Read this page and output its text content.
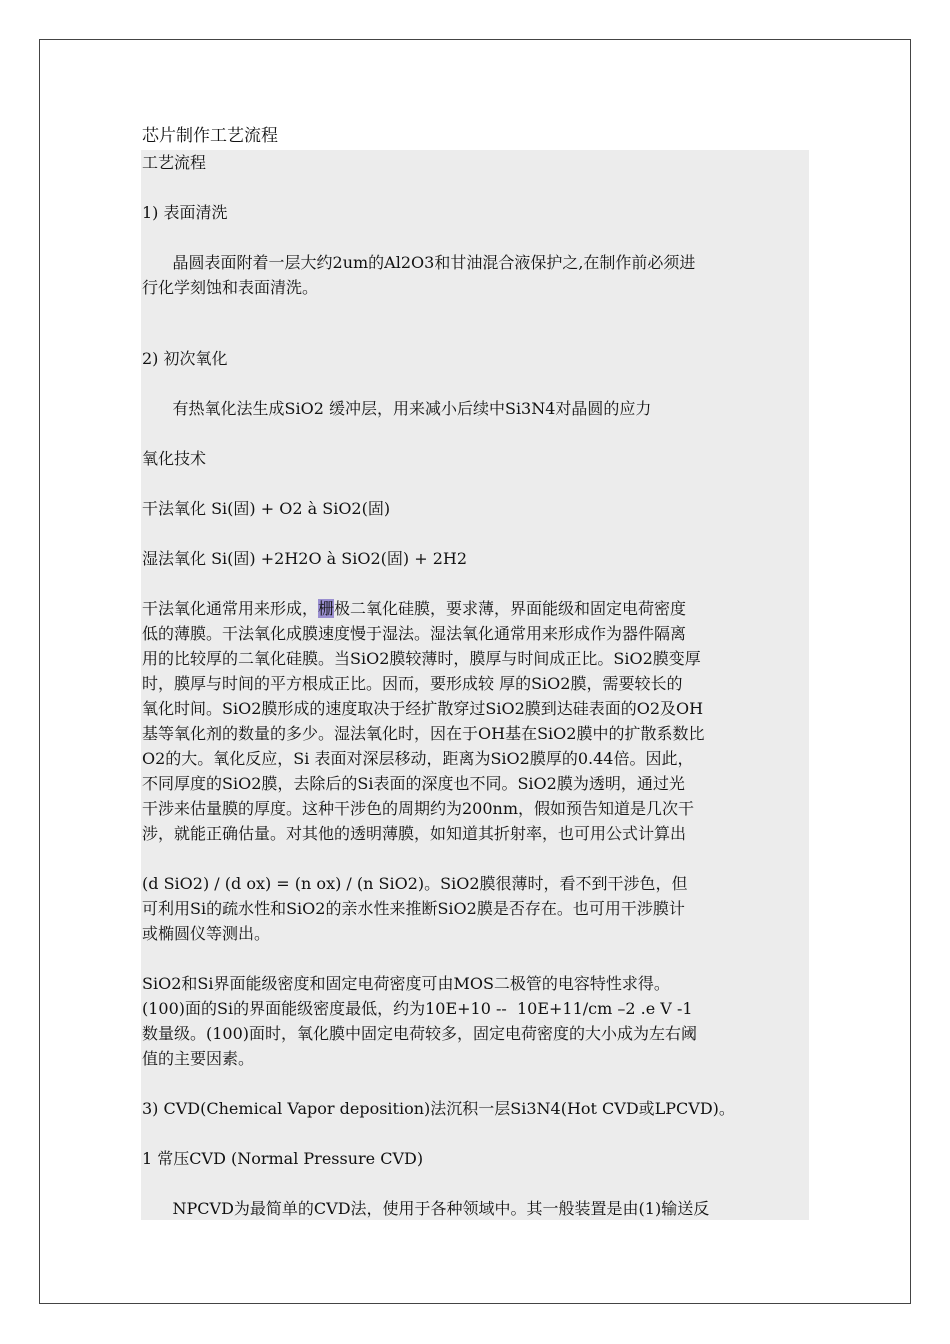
芯片制作工艺流程
工艺流程
1) 表面清洗
晶圆表面附着一层大约2um的Al2O3和甘油混合液保护之,在制作前必须进
行化学刻蚀和表面清洗。
2) 初次氧化
有热氧化法生成SiO2 缓冲层，用来减小后续中Si3N4对晶圆的应力
氧化技术
干法氧化 Si(固) + O2 à SiO2(固)
湿法氧化 Si(固) +2H2O à SiO2(固) + 2H2
干法氧化通常用来形成，栅极二氧化硅膜，要求薄，界面能级和固定电荷密度
低的薄膜。干法氧化成膜速度慢于湿法。湿法氧化通常用来形成作为器件隔离
用的比较厚的二氧化硅膜。当SiO2膜较薄时，膜厚与时间成正比。SiO2膜变厚
时，膜厚与时间的平方根成正比。因而，要形成较 厚的SiO2膜，需要较长的
氧化时间。SiO2膜形成的速度取决于经扩散穿过SiO2膜到达硅表面的O2及OH
基等氧化剂的数量的多少。湿法氧化时，因在于OH基在SiO2膜中的扩散系数比
O2的大。氧化反应，Si 表面对深层移动，距离为SiO2膜厚的0.44倍。因此，
不同厚度的SiO2膜，去除后的Si表面的深度也不同。SiO2膜为透明，通过光
干涉来估量膜的厚度。这种干涉色的周期约为200nm，假如预告知道是几次干
涉，就能正确估量。对其他的透明薄膜，如知道其折射率，也可用公式计算出
(d SiO2) / (d ox) = (n ox) / (n SiO2)。SiO2膜很薄时，看不到干涉色，但
可利用Si的疏水性和SiO2的亲水性来推断SiO2膜是否存在。也可用干涉膜计
或椭圆仪等测出。
SiO2和Si界面能级密度和固定电荷密度可由MOS二极管的电容特性求得。
(100)面的Si的界面能级密度最低，约为10E+10 --  10E+11/cm –2 .e V -1
数量级。(100)面时，氧化膜中固定电荷较多，固定电荷密度的大小成为左右阈
值的主要因素。
3) CVD(Chemical Vapor deposition)法沉积一层Si3N4(Hot CVD或LPCVD)。
1 常压CVD (Normal Pressure CVD)
NPCVD为最简单的CVD法，使用于各种领域中。其一般装置是由(1)输送反
